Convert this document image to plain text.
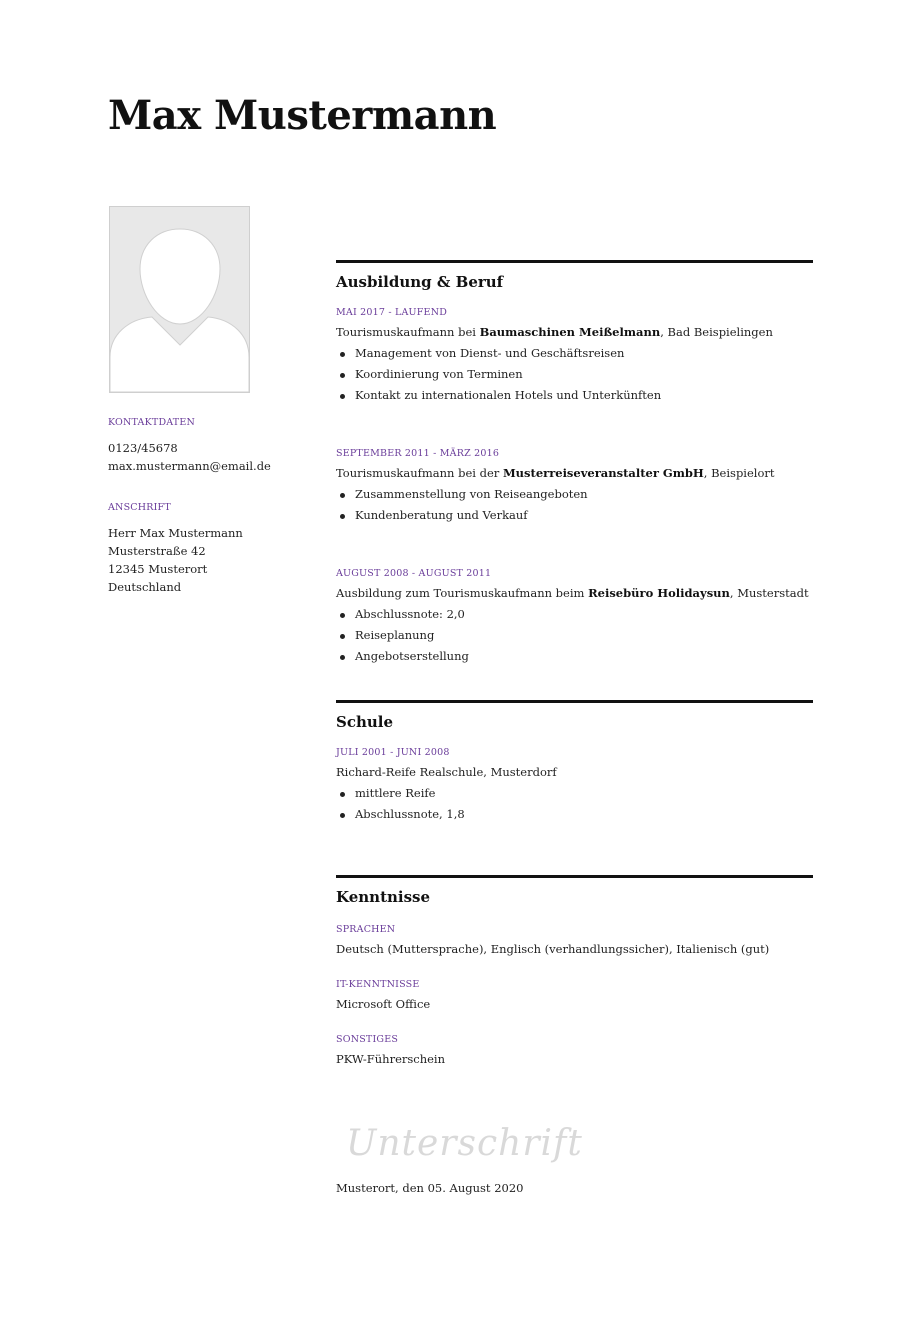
Max Mustermann
KONTAKTDATEN
0123/45678
max.mustermann@email.de
ANSCHRIFT
Herr Max Mustermann
Musterstraße 42
12345 Musterort
Deutschland
Ausbildung & Beruf
MAI 2017 - LAUFEND
Tourismuskaufmann bei Baumaschinen Meißelmann, Bad Beispielingen
Management von Dienst- und Geschäftsreisen
Koordinierung von Terminen
Kontakt zu internationalen Hotels und Unterkünften
SEPTEMBER 2011 - MÄRZ 2016
Tourismuskaufmann bei der Musterreiseveranstalter GmbH, Beispielort
Zusammenstellung von Reiseangeboten
Kundenberatung und Verkauf
AUGUST 2008 - AUGUST 2011
Ausbildung zum Tourismuskaufmann beim Reisebüro Holidaysun, Musterstadt
Abschlussnote: 2,0
Reiseplanung
Angebotserstellung
Schule
JULI 2001 - JUNI 2008
Richard-Reife Realschule, Musterdorf
mittlere Reife
Abschlussnote, 1,8
Kenntnisse
SPRACHEN
Deutsch (Muttersprache), Englisch (verhandlungssicher), Italienisch (gut)
IT-KENNTNISSE
Microsoft Office
SONSTIGES
PKW-Führerschein
Unterschrift
Musterort, den 05. August 2020
